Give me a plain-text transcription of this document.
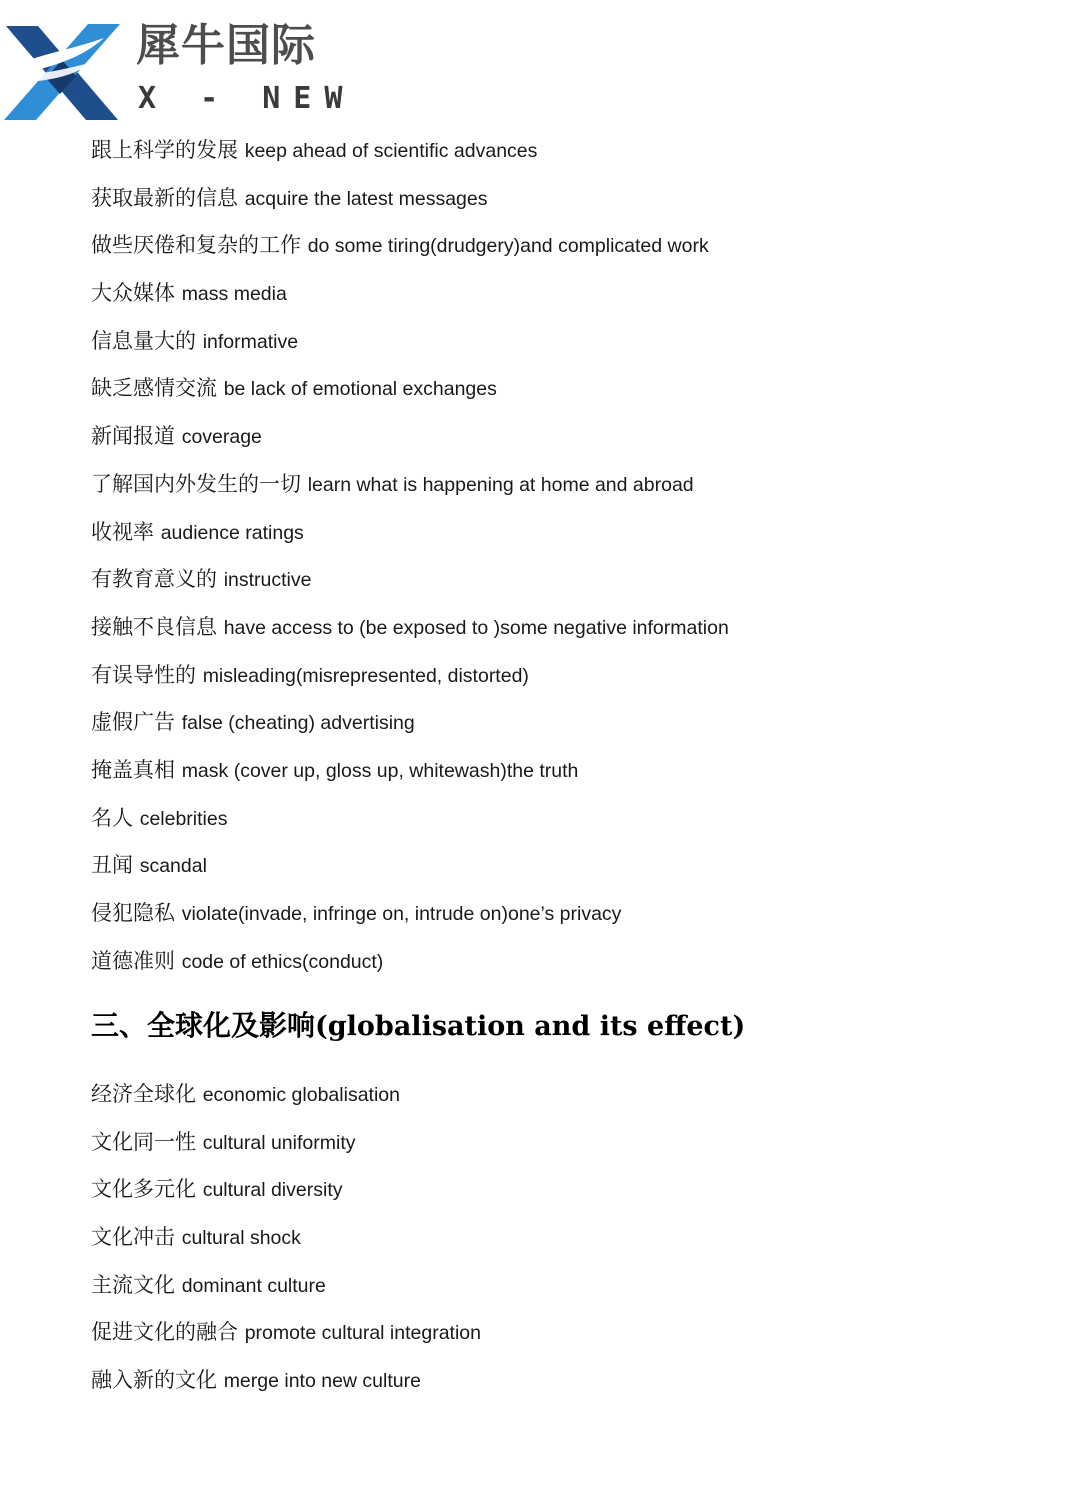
犀牛国际
X - NEW
跟上科学的发展 keep ahead of scientific advances
获取最新的信息 acquire the latest messages
做些厌倦和复杂的工作 do some tiring(drudgery)and complicated work
大众媒体 mass media
信息量大的 informative
缺乏感情交流 be lack of emotional exchanges
新闻报道 coverage
了解国内外发生的一切 learn what is happening at home and abroad
收视率 audience ratings
有教育意义的 instructive
接触不良信息 have access to (be exposed to )some negative information
有误导性的 misleading(misrepresented, distorted)
虚假广告 false (cheating) advertising
掩盖真相 mask (cover up, gloss up, whitewash)the truth
名人 celebrities
丑闻 scandal
侵犯隐私 violate(invade, infringe on, intrude on)one’s privacy
道德准则 code of ethics(conduct)
三、全球化及影响(globalisation and its effect)
经济全球化 economic globalisation
文化同一性 cultural uniformity
文化多元化 cultural diversity
文化冲击 cultural shock
主流文化 dominant culture
促进文化的融合 promote cultural integration
融入新的文化 merge into new culture
